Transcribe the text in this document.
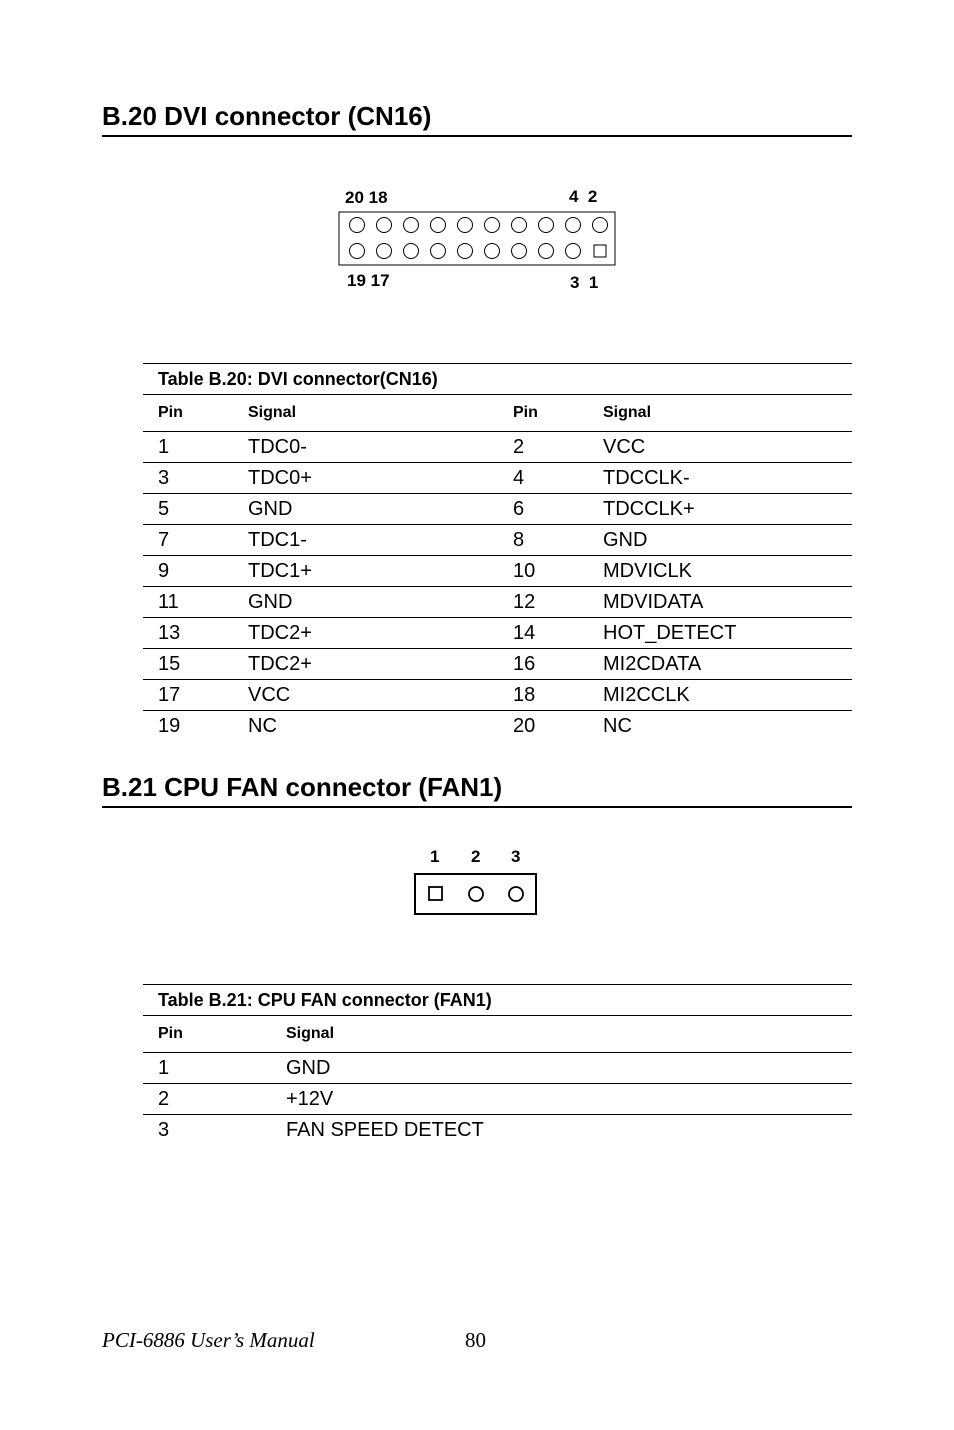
B.20 DVI connector (CN16)
20 18	4  2
19 17	3  1
Table B.20: DVI connector(CN16)
Pin	Signal	Pin	Signal
1	TDC0-	2	VCC
3	TDC0+	4	TDCCLK-
5	GND	6	TDCCLK+
7	TDC1-	8	GND
9	TDC1+	10	MDVICLK
11	GND	12	MDVIDATA
13	TDC2+	14	HOT_DETECT
15	TDC2+	16	MI2CDATA
17	VCC	18	MI2CCLK
19	NC	20	NC
B.21 CPU FAN connector (FAN1)
1 2 3
Table B.21: CPU FAN connector (FAN1)
Pin	Signal
1	GND
2	+12V
3	FAN SPEED DETECT
PCI-6886 User’s Manual	80
